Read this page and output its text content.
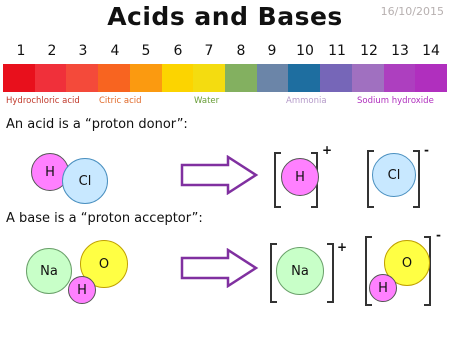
Acids and Bases	16/10/2015
1	2	3	4	5	6	7	8	9	10 11 12 13 14
Hydrochloric acid Citric acid	Water	Ammonia	Sodium hydroxide
An acid is a “proton donor”:
H
Cl	H
+
Cl
-
A base is a “proton acceptor”:
Na	O
H
Na
+
O
H
-
